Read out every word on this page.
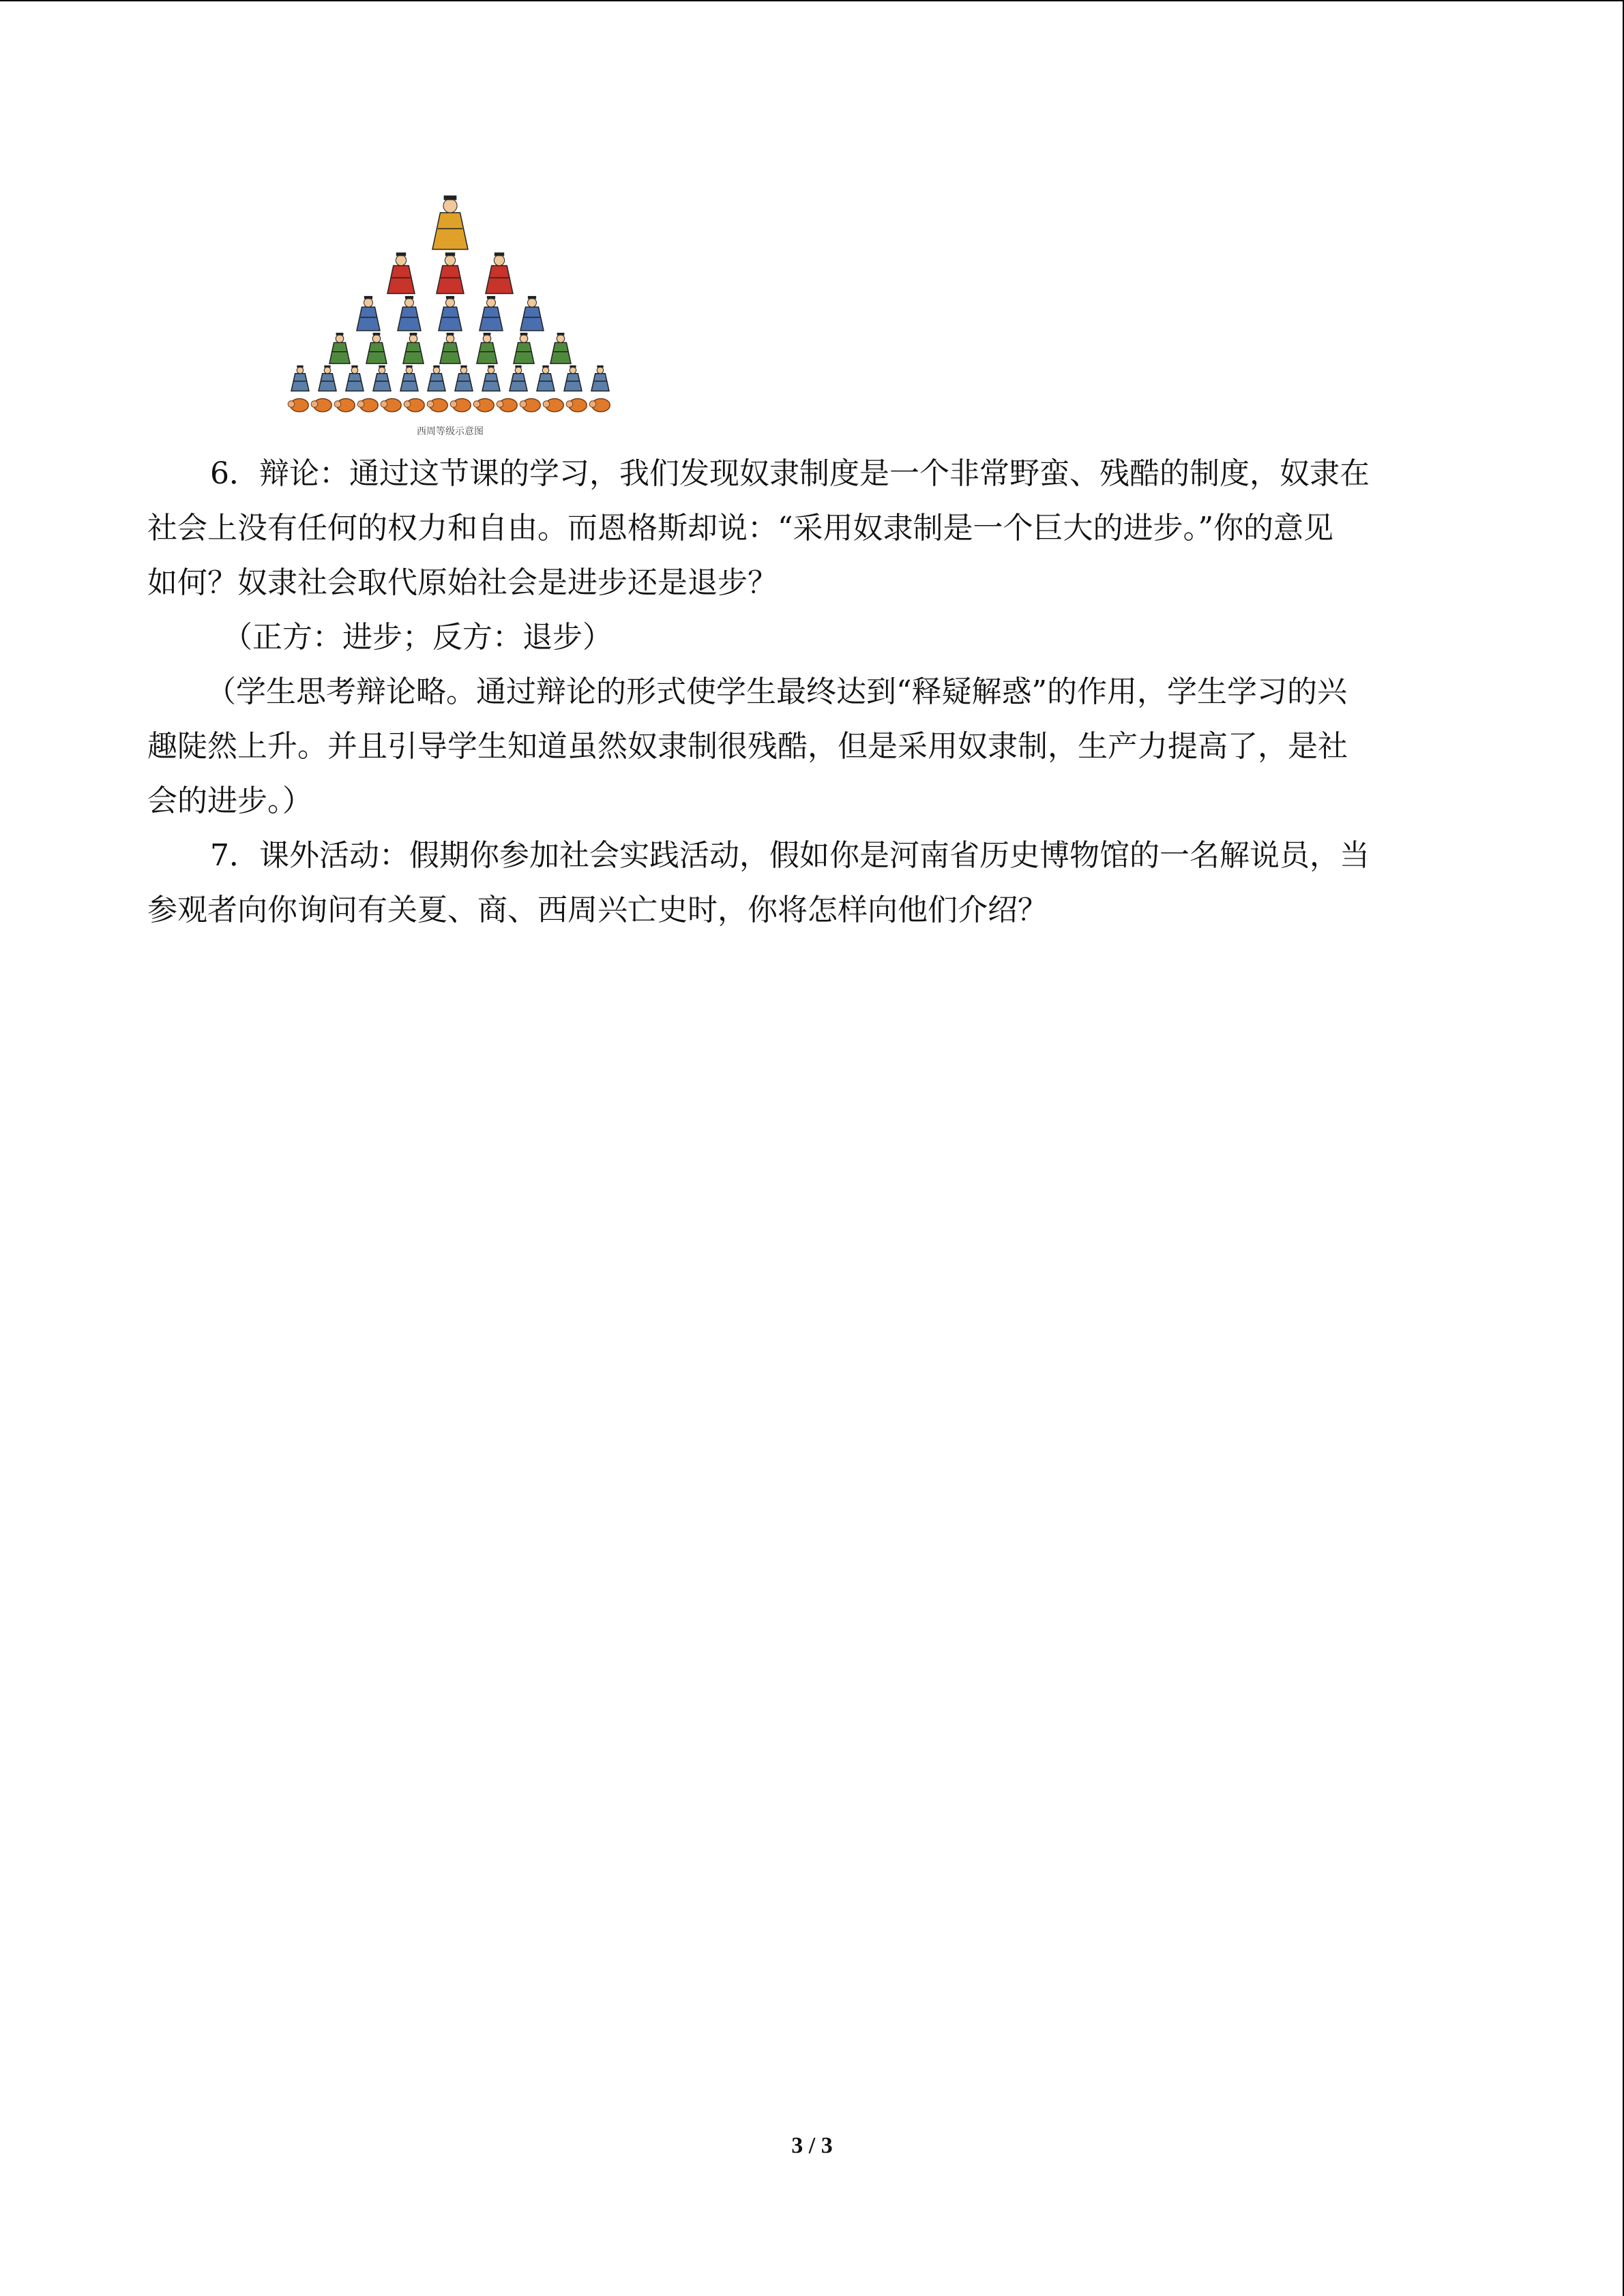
西周等级示意图
6．辩论：通过这节课的学习，我们发现奴隶制度是一个非常野蛮、残酷的制度，奴隶在
社会上没有任何的权力和自由。而恩格斯却说：“采用奴隶制是一个巨大的进步。”你的意见
如何？奴隶社会取代原始社会是进步还是退步？
（正方：进步；反方：退步）
（学生思考辩论略。通过辩论的形式使学生最终达到“释疑解惑”的作用，学生学习的兴
趣陡然上升。并且引导学生知道虽然奴隶制很残酷，但是采用奴隶制，生产力提高了，是社
会的进步。）
7．课外活动：假期你参加社会实践活动，假如你是河南省历史博物馆的一名解说员，当
参观者向你询问有关夏、商、西周兴亡史时，你将怎样向他们介绍？
3 / 3
